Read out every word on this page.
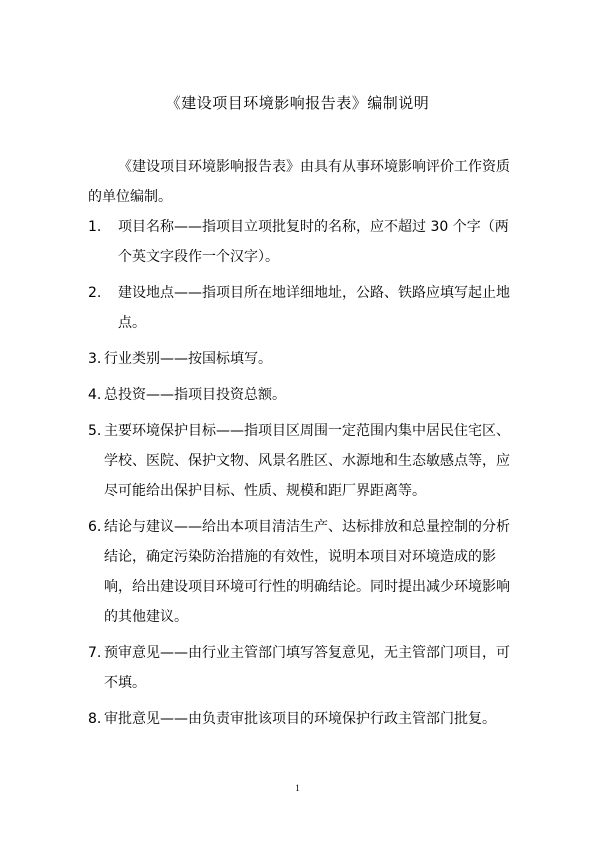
《建设项目环境影响报告表》编制说明

《建设项目环境影响报告表》由具有从事环境影响评价工作资质的单位编制。

1.	项目名称——指项目立项批复时的名称，应不超过 30 个字（两个英文字段作一个汉字）。
2.	建设地点——指项目所在地详细地址，公路、铁路应填写起止地点。
3. 行业类别——按国标填写。
4. 总投资——指项目投资总额。
5. 主要环境保护目标——指项目区周围一定范围内集中居民住宅区、学校、医院、保护文物、风景名胜区、水源地和生态敏感点等，应尽可能给出保护目标、性质、规模和距厂界距离等。
6. 结论与建议——给出本项目清洁生产、达标排放和总量控制的分析结论，确定污染防治措施的有效性，说明本项目对环境造成的影响，给出建设项目环境可行性的明确结论。同时提出减少环境影响的其他建议。
7. 预审意见——由行业主管部门填写答复意见，无主管部门项目，可不填。
8. 审批意见——由负责审批该项目的环境保护行政主管部门批复。
1
